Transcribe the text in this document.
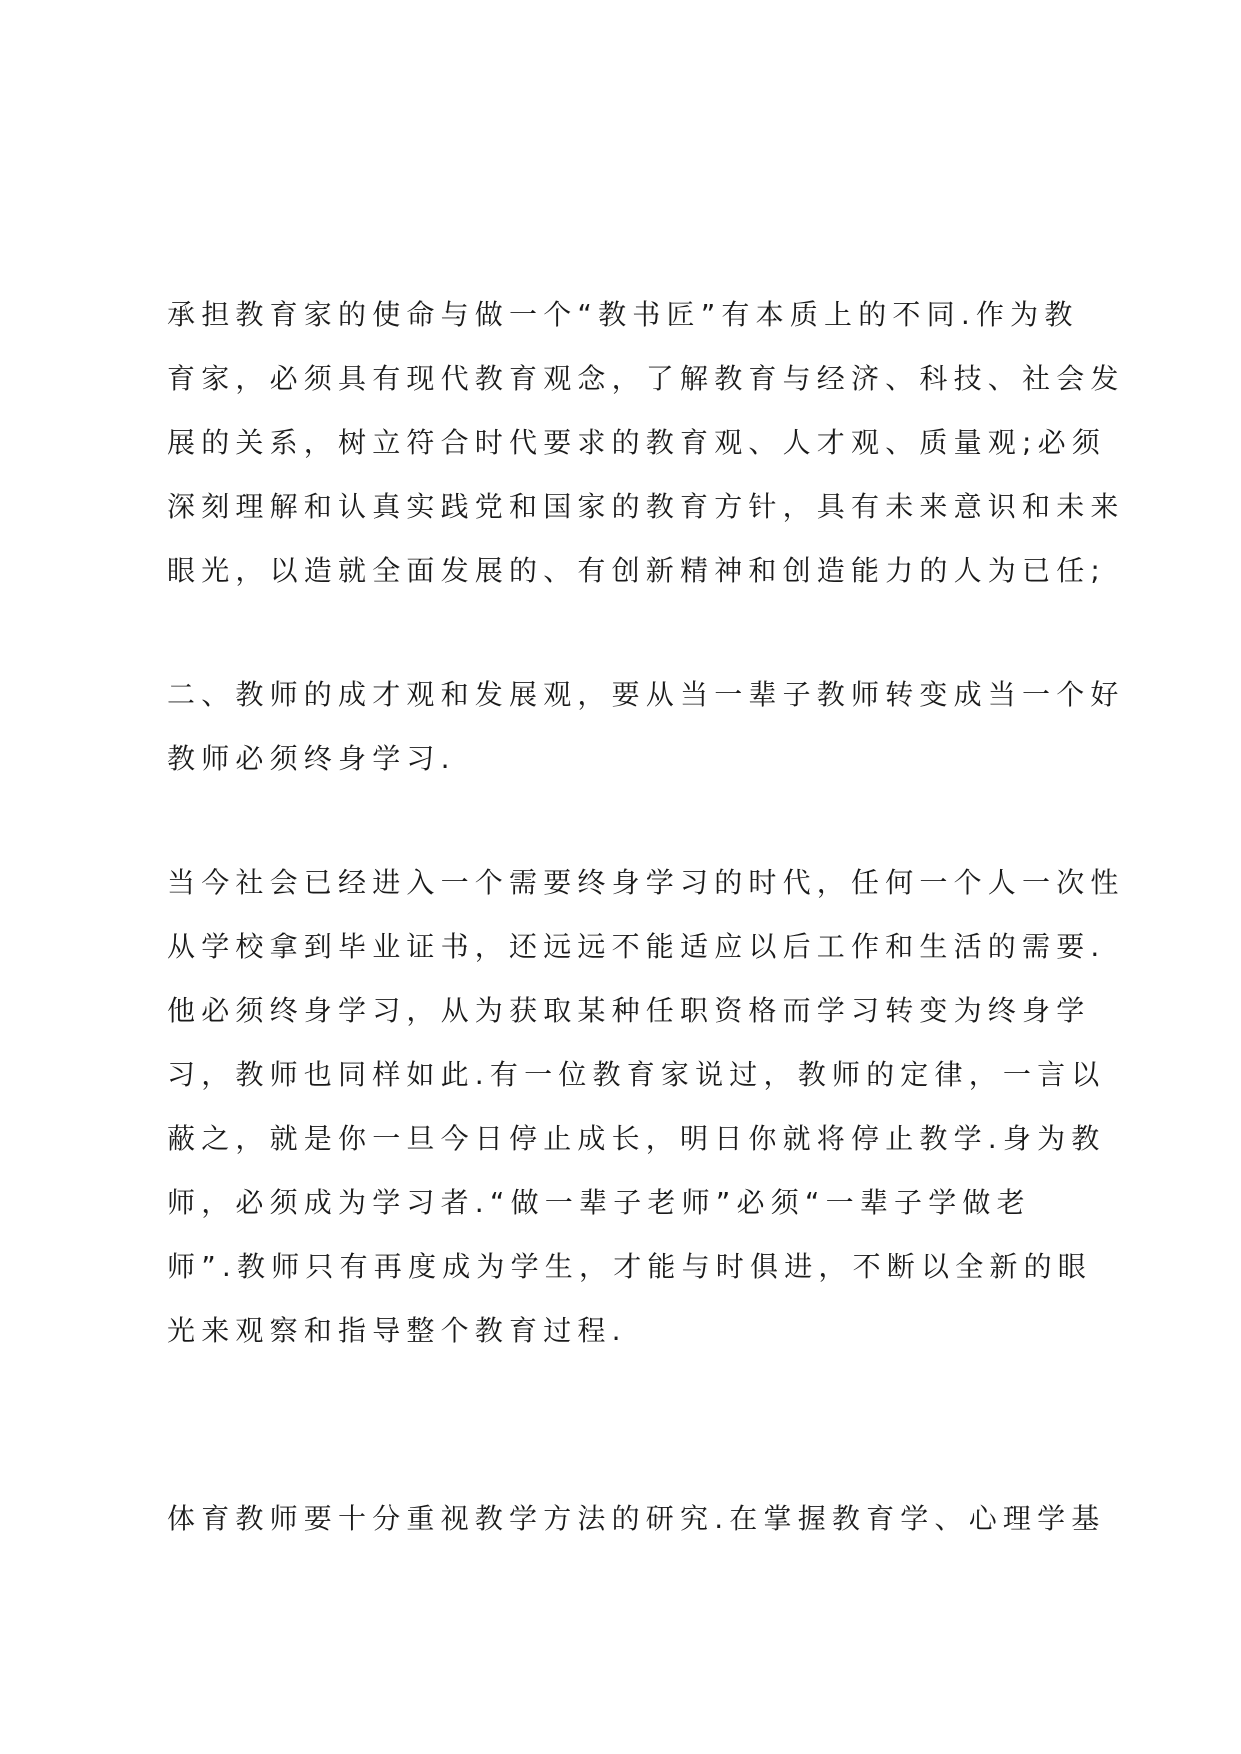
承担教育家的使命与做一个“教书匠”有本质上的不同.作为教
育家，必须具有现代教育观念，了解教育与经济、科技、社会发
展的关系，树立符合时代要求的教育观、人才观、质量观;必须
深刻理解和认真实践党和国家的教育方针，具有未来意识和未来
眼光，以造就全面发展的、有创新精神和创造能力的人为已任;
二、教师的成才观和发展观，要从当一辈子教师转变成当一个好
教师必须终身学习.
当今社会已经进入一个需要终身学习的时代，任何一个人一次性
从学校拿到毕业证书，还远远不能适应以后工作和生活的需要.
他必须终身学习，从为获取某种任职资格而学习转变为终身学
习，教师也同样如此.有一位教育家说过，教师的定律，一言以
蔽之，就是你一旦今日停止成长，明日你就将停止教学.身为教
师，必须成为学习者.“做一辈子老师”必须“一辈子学做老
师”.教师只有再度成为学生，才能与时俱进，不断以全新的眼
光来观察和指导整个教育过程.
体育教师要十分重视教学方法的研究.在掌握教育学、心理学基
